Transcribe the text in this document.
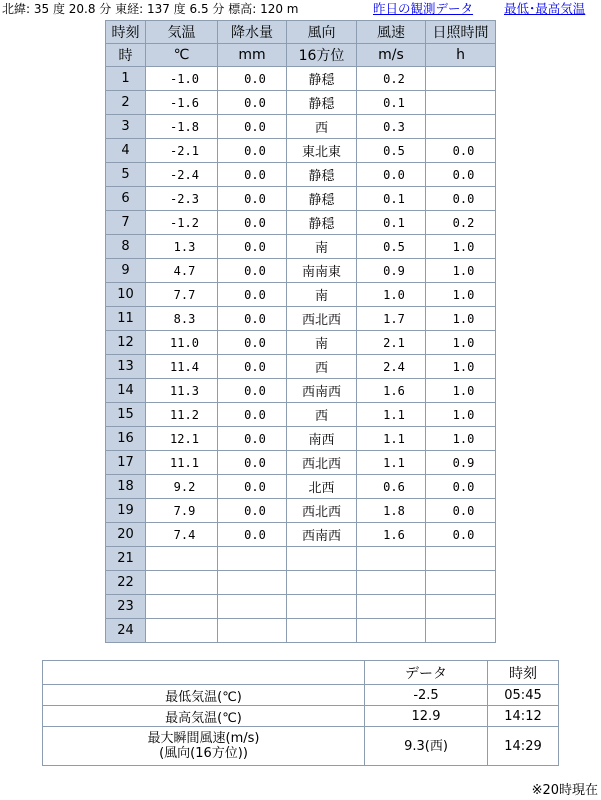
北緯: 35 度 20.8 分 東経: 137 度 6.5 分 標高: 120 m	昨日の観測データ 最低･最高気温
時刻	気温	降水量	風向	風速	日照時間
時	℃	mm	16方位	m/s	h
1	-1.0	0.0	静穏	0.2	
2	-1.6	0.0	静穏	0.1	
3	-1.8	0.0	西	0.3	
4	-2.1	0.0	東北東	0.5	0.0
5	-2.4	0.0	静穏	0.0	0.0
6	-2.3	0.0	静穏	0.1	0.0
7	-1.2	0.0	静穏	0.1	0.2
8	1.3	0.0	南	0.5	1.0
9	4.7	0.0	南南東	0.9	1.0
10	7.7	0.0	南	1.0	1.0
11	8.3	0.0	西北西	1.7	1.0
12	11.0	0.0	南	2.1	1.0
13	11.4	0.0	西	2.4	1.0
14	11.3	0.0	西南西	1.6	1.0
15	11.2	0.0	西	1.1	1.0
16	12.1	0.0	南西	1.1	1.0
17	11.1	0.0	西北西	1.1	0.9
18	9.2	0.0	北西	0.6	0.0
19	7.9	0.0	西北西	1.8	0.0
20	7.4	0.0	西南西	1.6	0.0
21					
22					
23					
24					
	データ	時刻
最低気温(℃)	-2.5	05:45
最高気温(℃)	12.9	14:12

最大瞬間風速(m/s)
(風向(16方位))	9.3(西)	14:29
※20時現在
